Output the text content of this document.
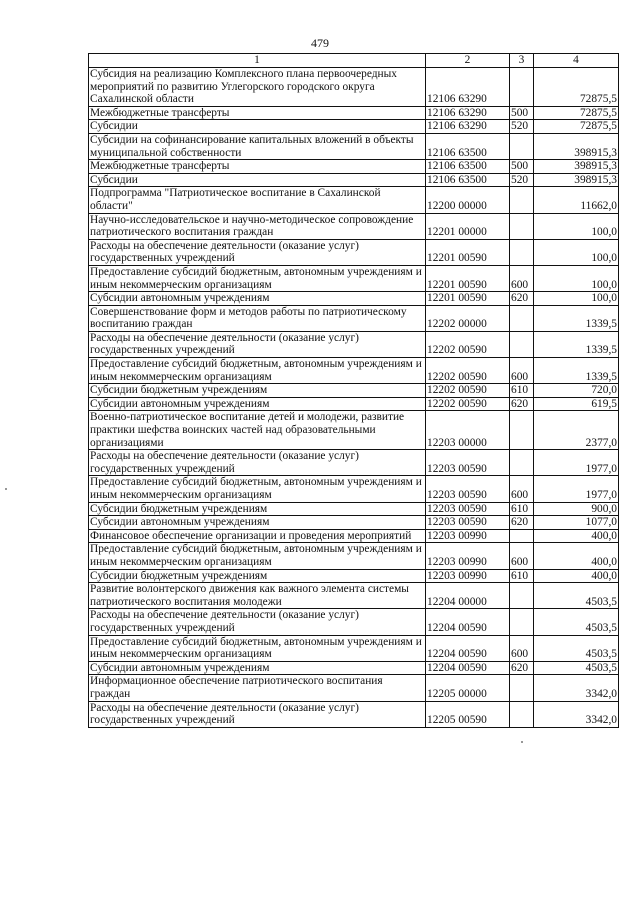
479
1	2	3	4
Субсидия на реализацию Комплексного плана первоочередных мероприятий по развитию Углегорского городского округа Сахалинской области	12106 63290		72875,5
Межбюджетные трансферты	12106 63290	500	72875,5
Субсидии	12106 63290	520	72875,5
Субсидии на софинансирование капитальных вложений в объекты муниципальной собственности	12106 63500		398915,3
Межбюджетные трансферты	12106 63500	500	398915,3
Субсидии	12106 63500	520	398915,3
Подпрограмма "Патриотическое воспитание в Сахалинской области"	12200 00000		11662,0
Научно-исследовательское и научно-методическое сопровождение патриотического воспитания граждан	12201 00000		100,0
Расходы на обеспечение деятельности (оказание услуг) государственных учреждений	12201 00590		100,0
Предоставление субсидий бюджетным, автономным учреждениям и иным некоммерческим организациям	12201 00590	600	100,0
Субсидии автономным учреждениям	12201 00590	620	100,0
Совершенствование форм и методов работы по патриотическому воспитанию граждан	12202 00000		1339,5
Расходы на обеспечение деятельности (оказание услуг) государственных учреждений	12202 00590		1339,5
Предоставление субсидий бюджетным, автономным учреждениям и иным некоммерческим организациям	12202 00590	600	1339,5
Субсидии бюджетным учреждениям	12202 00590	610	720,0
Субсидии автономным учреждениям	12202 00590	620	619,5
Военно-патриотическое воспитание детей и молодежи, развитие практики шефства воинских частей над образовательными организациями	12203 00000		2377,0
Расходы на обеспечение деятельности (оказание услуг) государственных учреждений	12203 00590		1977,0
Предоставление субсидий бюджетным, автономным учреждениям и иным некоммерческим организациям	12203 00590	600	1977,0
Субсидии бюджетным учреждениям	12203 00590	610	900,0
Субсидии автономным учреждениям	12203 00590	620	1077,0
Финансовое обеспечение организации и проведения мероприятий	12203 00990		400,0
Предоставление субсидий бюджетным, автономным учреждениям и иным некоммерческим организациям	12203 00990	600	400,0
Субсидии бюджетным учреждениям	12203 00990	610	400,0
Развитие волонтерского движения как важного элемента системы патриотического воспитания молодежи	12204 00000		4503,5
Расходы на обеспечение деятельности (оказание услуг) государственных учреждений	12204 00590		4503,5
Предоставление субсидий бюджетным, автономным учреждениям и иным некоммерческим организациям	12204 00590	600	4503,5
Субсидии автономным учреждениям	12204 00590	620	4503,5
Информационное обеспечение патриотического воспитания граждан	12205 00000		3342,0
Расходы на обеспечение деятельности (оказание услуг) государственных учреждений	12205 00590		3342,0
